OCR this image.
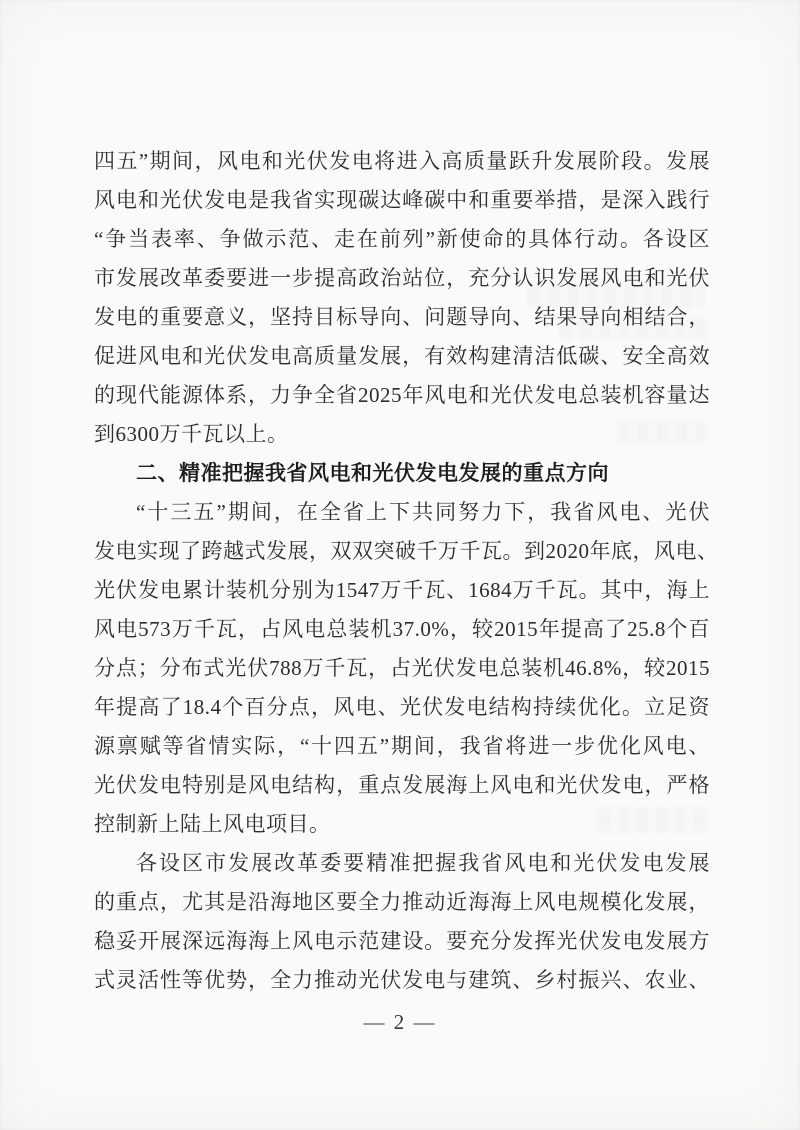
四五”期间，风电和光伏发电将进入高质量跃升发展阶段。发展
风电和光伏发电是我省实现碳达峰碳中和重要举措，是深入践行
“争当表率、争做示范、走在前列”新使命的具体行动。各设区
市发展改革委要进一步提高政治站位，充分认识发展风电和光伏
发电的重要意义，坚持目标导向、问题导向、结果导向相结合，
促进风电和光伏发电高质量发展，有效构建清洁低碳、安全高效
的现代能源体系，力争全省2025年风电和光伏发电总装机容量达
到6300万千瓦以上。
二、精准把握我省风电和光伏发电发展的重点方向
“十三五”期间，在全省上下共同努力下，我省风电、光伏
发电实现了跨越式发展，双双突破千万千瓦。到2020年底，风电、
光伏发电累计装机分别为1547万千瓦、1684万千瓦。其中，海上
风电573万千瓦，占风电总装机37.0%，较2015年提高了25.8个百
分点；分布式光伏788万千瓦，占光伏发电总装机46.8%，较2015
年提高了18.4个百分点，风电、光伏发电结构持续优化。立足资
源禀赋等省情实际，“十四五”期间，我省将进一步优化风电、
光伏发电特别是风电结构，重点发展海上风电和光伏发电，严格
控制新上陆上风电项目。
各设区市发展改革委要精准把握我省风电和光伏发电发展
的重点，尤其是沿海地区要全力推动近海海上风电规模化发展，
稳妥开展深远海海上风电示范建设。要充分发挥光伏发电发展方
式灵活性等优势，全力推动光伏发电与建筑、乡村振兴、农业、
— 2 —
